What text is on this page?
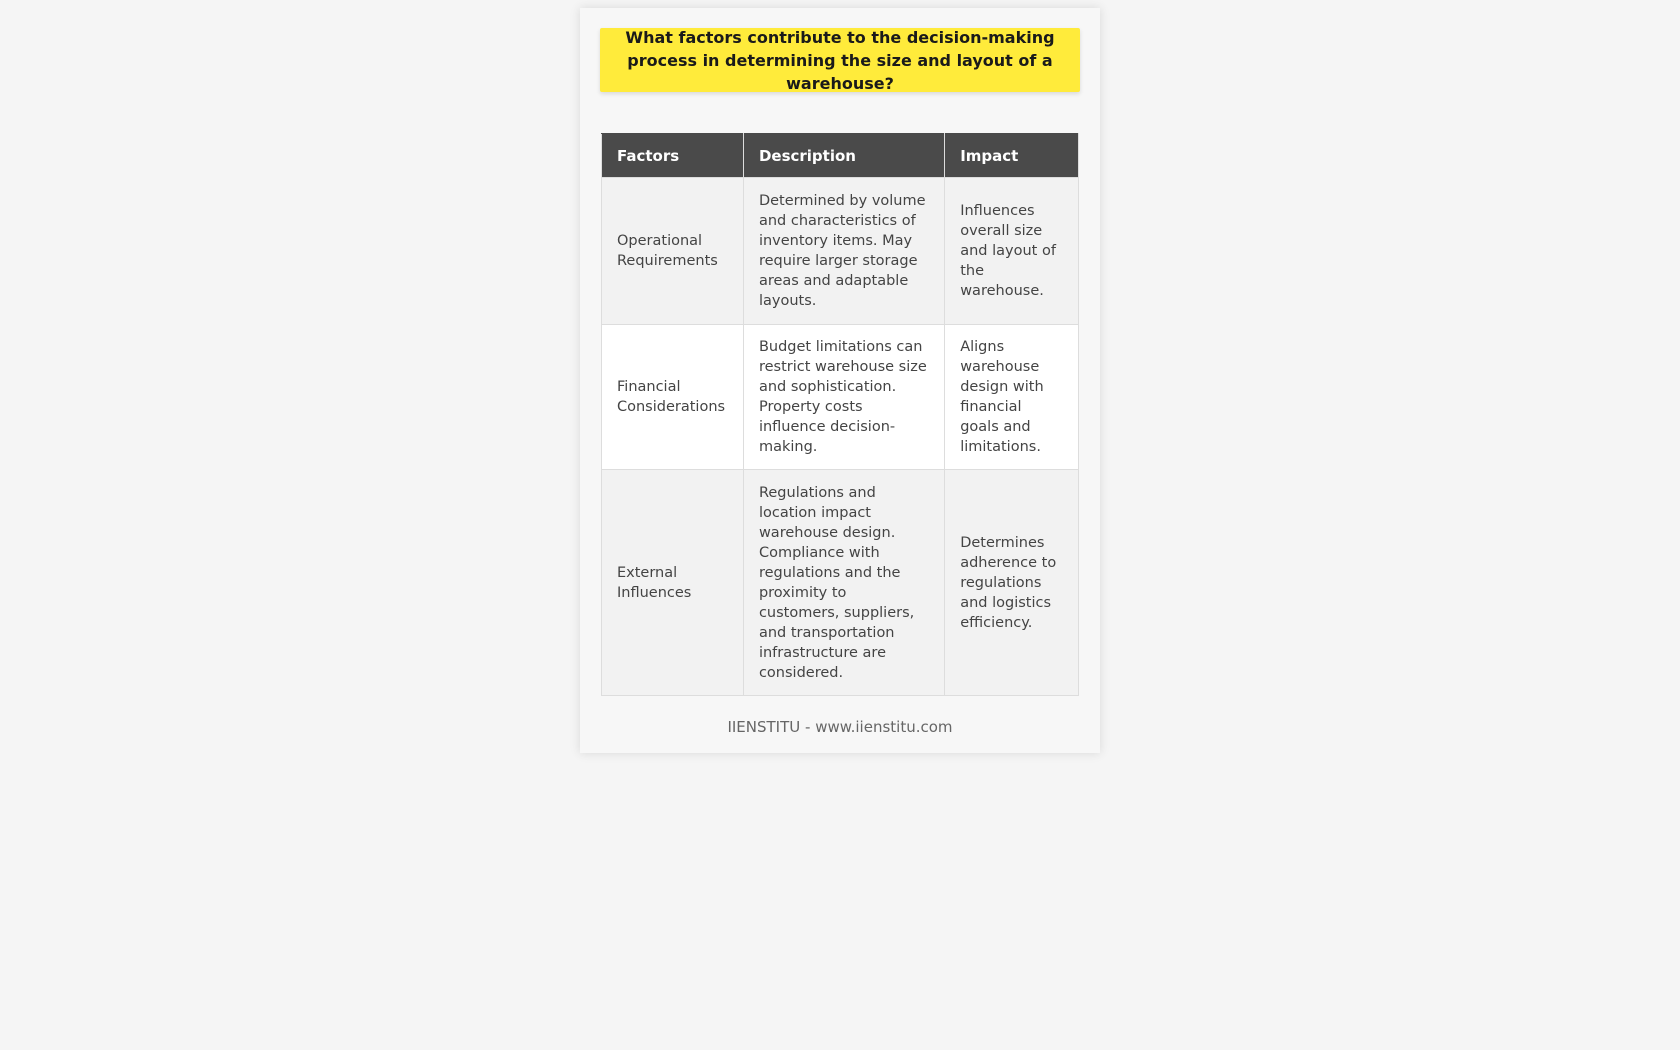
What factors contribute to the decision-making process in determining the size and layout of a warehouse?
Factors	Description	Impact
Operational Requirements	Determined by volume and characteristics of inventory items. May require larger storage areas and adaptable layouts.	Influences overall size and layout of the warehouse.
Financial Considerations	Budget limitations can restrict warehouse size and sophistication. Property costs influence decision-making.	Aligns warehouse design with financial goals and limitations.
External Influences	Regulations and location impact warehouse design. Compliance with regulations and the proximity to customers, suppliers, and transportation infrastructure are considered.	Determines adherence to regulations and logistics efficiency.
IIENSTITU - www.iienstitu.com
